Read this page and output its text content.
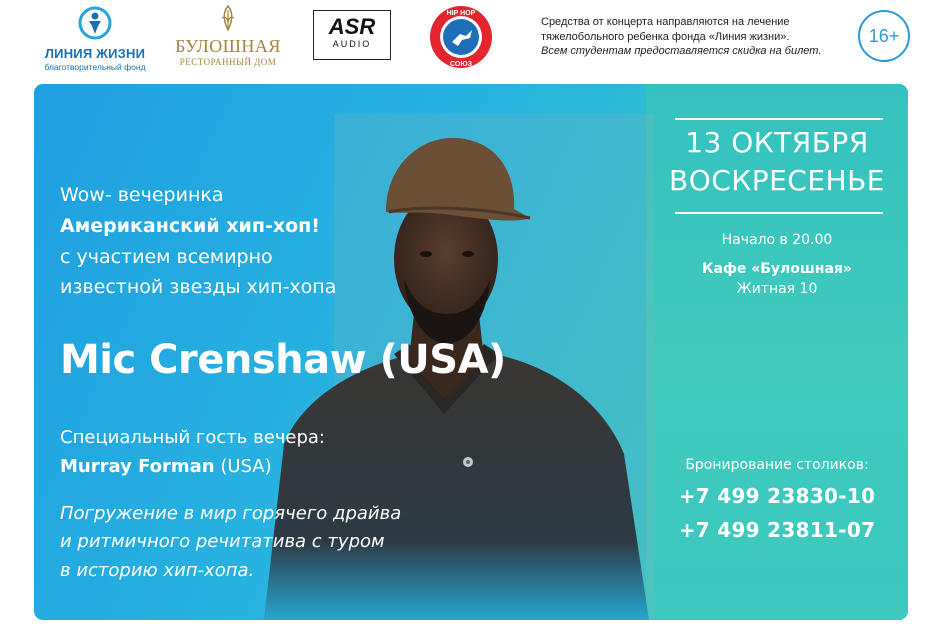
ЛИНИЯ ЖИЗНИ
благотворительный фонд
БУЛОШНАЯ
РЕСТОРАННЫЙ ДОМ
ASR
AUDIO
HIP HOP
СОЮЗ
Средства от концерта направляются на лечение
тяжелобольного ребенка фонда «Линия жизни».
Всем студентам предоставляется скидка на билет.
16+
Wow- вечеринка
Американский хип-хоп!
с участием всемирно
известной звезды хип-хопа
Mic Crenshaw (USA)
Специальный гость вечера:
Murray Forman (USA)
Погружение в мир горячего драйва
и ритмичного речитатива с туром
в историю хип-хопа.
13 ОКТЯБРЯ
ВОСКРЕСЕНЬЕ
Начало в 20.00
Кафе «Булошная»
Житная 10
Бронирование столиков:
+7 499 23830-10
+7 499 23811-07
